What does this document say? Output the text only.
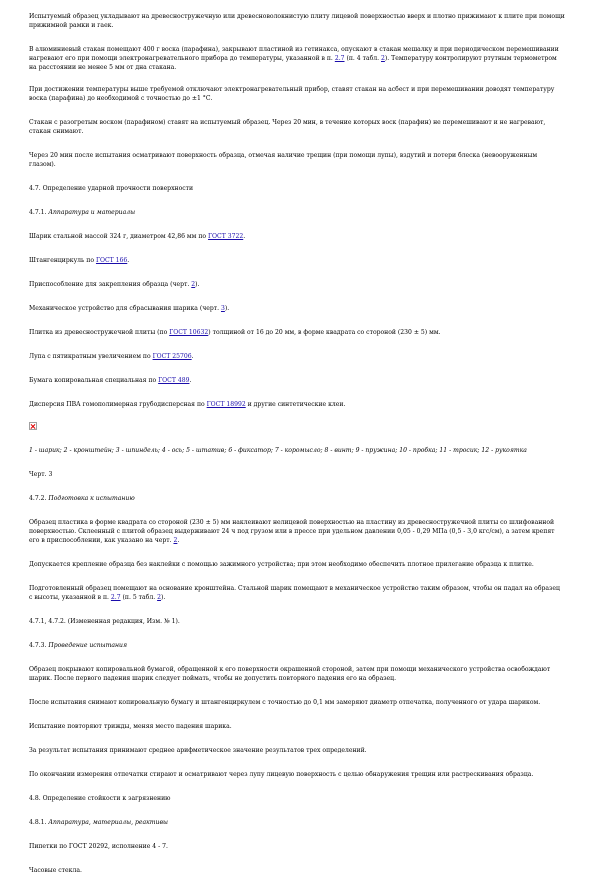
Испытуемый образец укладывают на древесностружечную или древесноволокнистую плиту лицевой поверхностью вверх и плотно прижимают к плите при помощи прижимной рамки и гаек.

В алюминиевый стакан помещают 400 г воска (парафина), закрывают пластиной из гетинакса, опускают в стакан мешалку и при периодическом перемешивании нагревают его при помощи электронагревательного прибора до температуры, указанной в п. 2.7 (п. 4 табл. 2). Температуру контролируют ртутным термометром на расстоянии не менее 5 мм от дна стакана.

При достижении температуры выше требуемой отключают электронагревательный прибор, ставят стакан на асбест и при перемешивании доводят температуру воска (парафина) до необходимой с точностью до ±1 °С.

Стакан с разогретым воском (парафином) ставят на испытуемый образец. Через 20 мин, в течение которых воск (парафин) не перемешивают и не нагревают, стакан снимают.

Через 20 мин после испытания осматривают поверхность образца, отмечая наличие трещин (при помощи лупы), вздутий и потери блеска (невооруженным глазом).

4.7. Определение ударной прочности поверхности

4.7.1. Аппаратура и материалы

Шарик стальной массой 324 г, диаметром 42,86 мм по ГОСТ 3722.

Штангенциркуль по ГОСТ 166.

Приспособление для закрепления образца (черт. 2).

Механическое устройство для сбрасывания шарика (черт. 3).

Плитка из древесностружечной плиты (по ГОСТ 10632) толщиной от 16 до 20 мм, в форме квадрата со стороной (230 ± 5) мм.

Лупа с пятикратным увеличением по ГОСТ 25706.

Бумага копировальная специальная по ГОСТ 489.

Дисперсия ПВА гомополимерная грубодисперсная по ГОСТ 18992 и другие синтетические клеи.

1 - шарик; 2 - кронштейн; 3 - шпиндель; 4 - ось; 5 - штатив; 6 - фиксатор; 7 - коромысло; 8 - винт; 9 - пружина; 10 - пробка; 11 - тросик; 12 - рукоятка

Черт. 3

4.7.2. Подготовка к испытанию

Образец пластика в форме квадрата со стороной (230 ± 5) мм наклеивают нелицевой поверхностью на пластину из древесностружечной плиты со шлифованной поверхностью. Склеенный с плитой образец выдерживают 24 ч под грузом или в прессе при удельном давлении 0,05 - 0,29 МПа (0,5 - 3,0 кгс/см), а затем крепят его в приспособлении, как указано на черт. 2.

Допускается крепление образца без наклейки с помощью зажимного устройства; при этом необходимо обеспечить плотное прилегание образца к плитке.

Подготовленный образец помещают на основание кронштейна. Стальной шарик помещают в механическое устройство таким образом, чтобы он падал на образец с высоты, указанной в п. 2.7 (п. 5 табл. 2).

4.7.1, 4.7.2. (Измененная редакция, Изм. № 1).

4.7.3. Проведение испытания

Образец покрывают копировальной бумагой, обращенной к его поверхности окрашенной стороной, затем при помощи механического устройства освобождают шарик. После первого падения шарик следует поймать, чтобы не допустить повторного падения его на образец.

После испытания снимают копировальную бумагу и штангенциркулем с точностью до 0,1 мм замеряют диаметр отпечатка, полученного от удара шариком.

Испытание повторяют трижды, меняя место падения шарика.

За результат испытания принимают среднее арифметическое значение результатов трех определений.

По окончании измерения отпечатки стирают и осматривают через лупу лицевую поверхность с целью обнаружения трещин или растрескивания образца.

4.8. Определение стойкости к загрязнению

4.8.1. Аппаратура, материалы, реактивы

Пипетки по ГОСТ 20292, исполнение 4 - 7.

Часовые стекла.
